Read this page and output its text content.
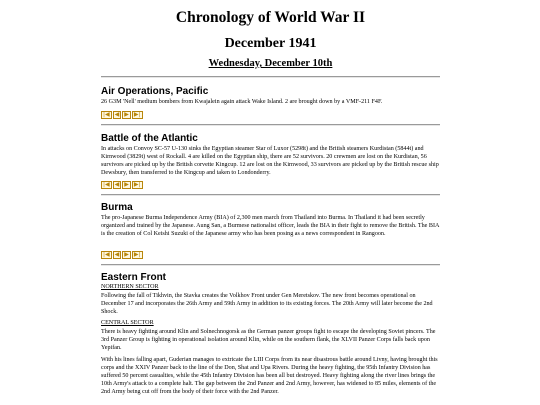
Chronology of World War II
December 1941
Wednesday, December 10th
Air Operations, Pacific

26 G3M 'Nell' medium bombers from Kwajalein again attack Wake Island. 2 are brought down by a VMF-211 F4F.

|◀ ◀ ▶ ▶|
Battle of the Atlantic

In attacks on Convoy SC-57 U-130 sinks the Egyptian steamer Star of Luxor (5298t) and the British steamers Kurdistan (5844t) and Kirnwood (3829t) west of Rockall. 4 are killed on the Egyptian ship, there are 52 survivors. 20 crewmen are lost on the Kurdistan, 56 survivors are picked up by the British corvette Kingcup. 12 are lost on the Kirnwood, 33 survivors are picked up by the British rescue ship Dewsbury, then transferred to the Kingcup and taken to Londonderry.

|◀ ◀ ▶ ▶|
Burma

The pro-Japanese Burma Independence Army (BIA) of 2,300 men march from Thailand into Burma. In Thailand it had been secretly organized and trained by the Japanese. Aung San, a Burmese nationalist officer, leads the BIA in their fight to remove the British. The BIA is the creation of Col Keishi Suzuki of the Japanese army who has been posing as a news correspondent in Rangoon.

|◀ ◀ ▶ ▶|
Eastern Front

NORTHERN SECTOR

Following the fall of Tikhvin, the Stavka creates the Volkhov Front under Gen Meretskov. The new front becomes operational on December 17 and incorporates the 26th Army and 59th Army in addition to its existing forces. The 20th Army will later become the 2nd Shock.

CENTRAL SECTOR

There is heavy fighting around Klin and Solnechnogorsk as the German panzer groups fight to escape the developing Soviet pincers. The 3rd Panzer Group is fighting in operational isolation around Klin, while on the southern flank, the XLVII Panzer Corps falls back upon Yepifan.

With his lines falling apart, Guderian manages to extricate the LIII Corps from its near disastrous battle around Livny, having brought this corps and the XXIV Panzer back to the line of the Don, Shat and Upa Rivers. During the heavy fighting, the 95th Infantry Division has suffered 50 percent casualties, while the 45th Infantry Division has been all but destroyed. Heavy fighting along the river lines brings the 10th Army's attack to a complete halt. The gap between the 2nd Panzer and 2nd Army, however, has widened to 85 miles, elements of the 2nd Army being cut off from the body of their force with the 2nd Panzer.
